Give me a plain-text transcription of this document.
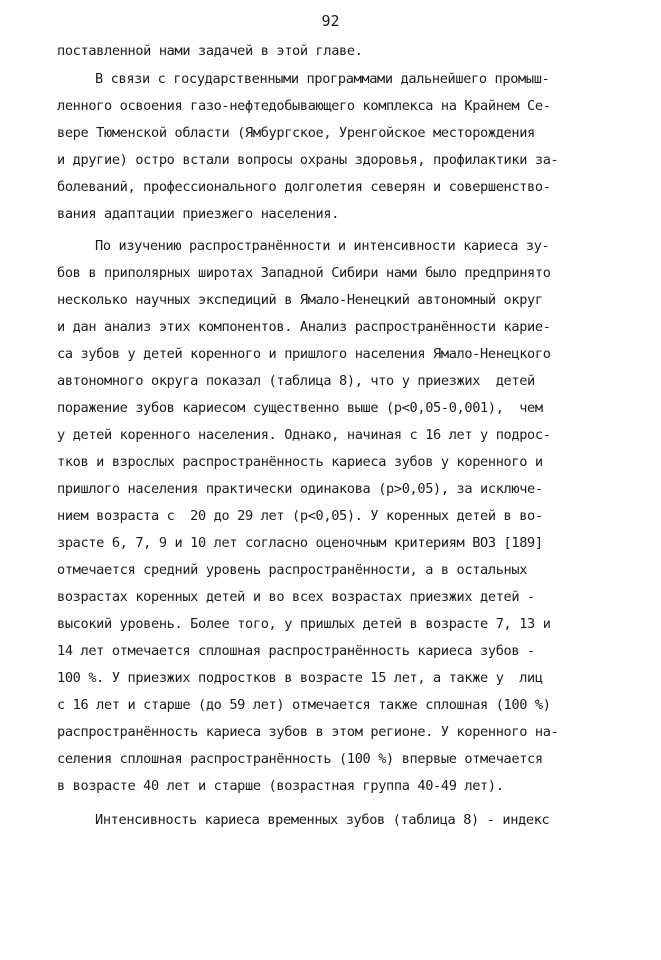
92
поставленной нами задачей в этой главе.
В связи с государственными программами дальнейшего промыш-
ленного освоения газо-нефтедобывающего комплекса на Крайнем Се-
вере Тюменской области (Ямбургское, Уренгойское месторождения
и другие) остро встали вопросы охраны здоровья, профилактики за-
болеваний, профессионального долголетия северян и совершенство-
вания адаптации приезжего населения.
По изучению распространённости и интенсивности кариеса зу-
бов в приполярных широтах Западной Сибири нами было предпринято
несколько научных экспедиций в Ямало-Ненецкий автономный округ
и дан анализ этих компонентов. Анализ распространённости карие-
са зубов у детей коренного и пришлого населения Ямало-Ненецкого
автономного округа показал (таблица 8), что у приезжих  детей
поражение зубов кариесом существенно выше (р<0,05-0,001),  чем
у детей коренного населения. Однако, начиная с 16 лет у подрос-
тков и взрослых распространённость кариеса зубов у коренного и
пришлого населения практически одинакова (р>0,05), за исключе-
нием возраста с  20 до 29 лет (р<0,05). У коренных детей в во-
зрасте 6, 7, 9 и 10 лет согласно оценочным критериям ВОЗ [189]
отмечается средний уровень распространённости, а в остальных
возрастах коренных детей и во всех возрастах приезжих детей -
высокий уровень. Более того, у пришлых детей в возрасте 7, 13 и
14 лет отмечается сплошная распространённость кариеса зубов -
100 %. У приезжих подростков в возрасте 15 лет, а также у  лиц
с 16 лет и старше (до 59 лет) отмечается также сплошная (100 %)
распространённость кариеса зубов в этом регионе. У коренного на-
селения сплошная распространённость (100 %) впервые отмечается
в возрасте 40 лет и старше (возрастная группа 40-49 лет).
Интенсивность кариеса временных зубов (таблица 8) - индекс
